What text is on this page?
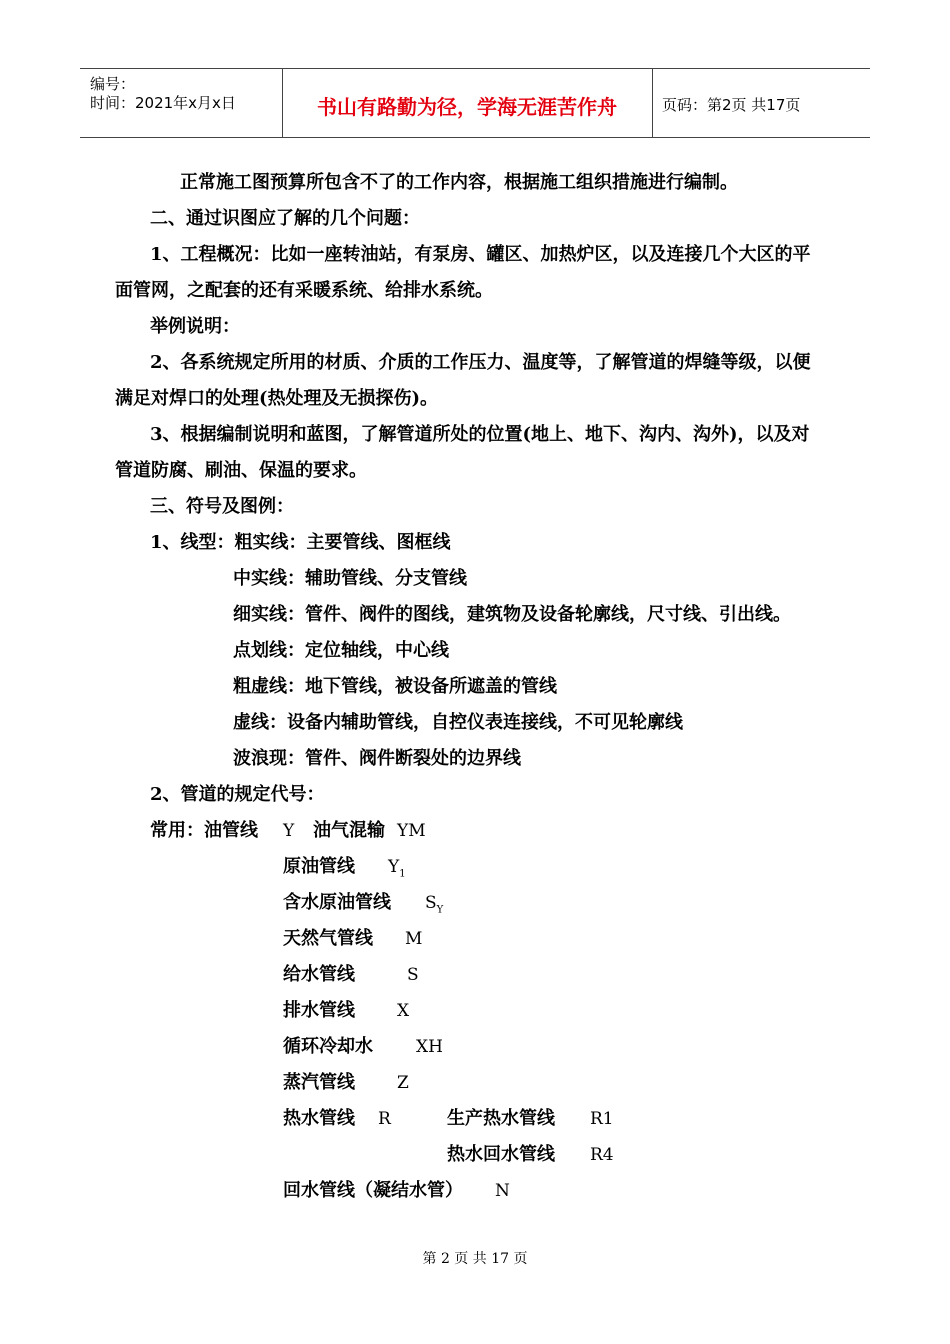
编号：
时间：2021年x月x日	书山有路勤为径，学海无涯苦作舟	页码：第2页 共17页
正常施工图预算所包含不了的工作内容，根据施工组织措施进行编制。
二、通过识图应了解的几个问题：
1、工程概况：比如一座转油站，有泵房、罐区、加热炉区，以及连接几个大区的平
面管网，之配套的还有采暖系统、给排水系统。
举例说明：
2、各系统规定所用的材质、介质的工作压力、温度等，了解管道的焊缝等级，以便
满足对焊口的处理(热处理及无损探伤)。
3、根据编制说明和蓝图，了解管道所处的位置(地上、地下、沟内、沟外)，以及对
管道防腐、刷油、保温的要求。
三、符号及图例：
1、线型：粗实线：主要管线、图框线
中实线：辅助管线、分支管线
细实线：管件、阀件的图线，建筑物及设备轮廓线，尺寸线、引出线。
点划线：定位轴线，中心线
粗虚线：地下管线，被设备所遮盖的管线
虚线：设备内辅助管线，自控仪表连接线，不可见轮廓线
波浪现：管件、阀件断裂处的边界线
2、管道的规定代号：
常用：油管线 Y 油气混输 YM
原油管线 $Y_1$
含水原油管线 $S_Y$
天然气管线 M
给水管线	S
排水管线 X
循环冷却水	XH
蒸汽管线 Z
热水管线 R	生产热水管线 R1
热水回水管线 R4
回水管线（凝结水管） N
第 2 页 共 17 页
